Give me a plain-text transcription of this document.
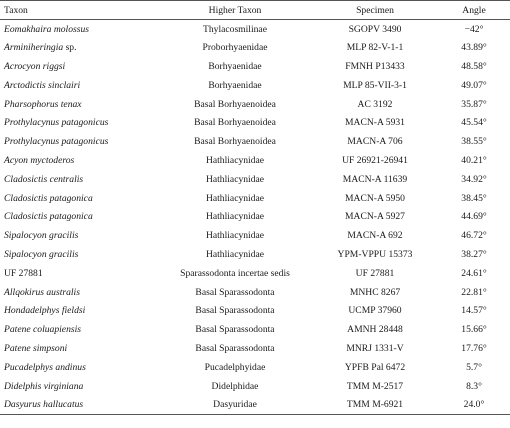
Taxon	Higher Taxon	Specimen	Angle
Eomakhaira molossus	Thylacosmilinae	SGOPV 3490	−42°
Arminiheringia sp.	Proborhyaenidae	MLP 82-V-1-1	43.89°
Acrocyon riggsi	Borhyaenidae	FMNH P13433	48.58°
Arctodictis sinclairi	Borhyaenidae	MLP 85-VII-3-1	49.07°
Pharsophorus tenax	Basal Borhyaenoidea	AC 3192	35.87°
Prothylacynus patagonicus	Basal Borhyaenoidea	MACN-A 5931	45.54°
Prothylacynus patagonicus	Basal Borhyaenoidea	MACN-A 706	38.55°
Acyon myctoderos	Hathliacynidae	UF 26921-26941	40.21°
Cladosictis centralis	Hathliacynidae	MACN-A 11639	34.92°
Cladosictis patagonica	Hathliacynidae	MACN-A 5950	38.45°
Cladosictis patagonica	Hathliacynidae	MACN-A 5927	44.69°
Sipalocyon gracilis	Hathliacynidae	MACN-A 692	46.72°
Sipalocyon gracilis	Hathliacynidae	YPM-VPPU 15373	38.27°
UF 27881	Sparassodonta incertae sedis	UF 27881	24.61°
Allqokirus australis	Basal Sparassodonta	MNHC 8267	22.81°
Hondadelphys fieldsi	Basal Sparassodonta	UCMP 37960	14.57°
Patene coluapiensis	Basal Sparassodonta	AMNH 28448	15.66°
Patene simpsoni	Basal Sparassodonta	MNRJ 1331-V	17.76°
Pucadelphys andinus	Pucadelphyidae	YPFB Pal 6472	5.7°
Didelphis virginiana	Didelphidae	TMM M-2517	8.3°
Dasyurus hallucatus	Dasyuridae	TMM M-6921	24.0°
